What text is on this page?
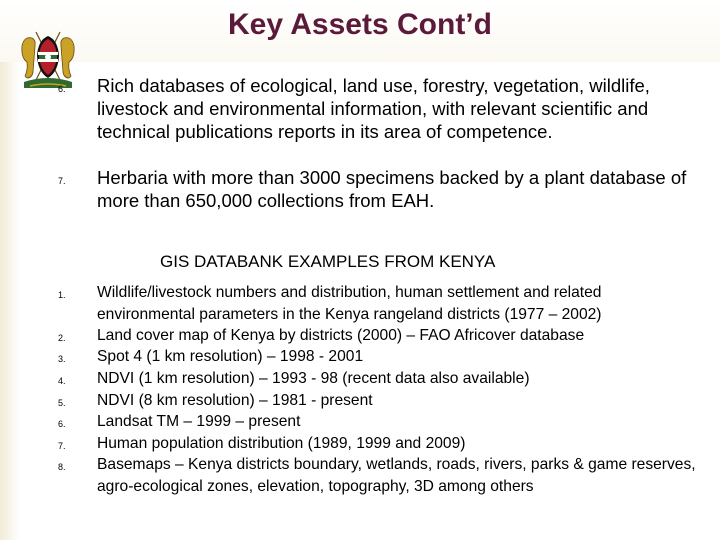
Key Assets Cont’d
6. Rich databases of ecological, land use, forestry, vegetation, wildlife, livestock and environmental information, with relevant scientific and technical publications reports in its area of competence.
7. Herbaria with more than 3000 specimens backed by a plant database of more than 650,000 collections from EAH.
GIS DATABANK EXAMPLES FROM KENYA
1. Wildlife/livestock numbers and distribution, human settlement and related environmental parameters in the Kenya rangeland districts (1977 – 2002)
2. Land cover map of Kenya by districts (2000) – FAO Africover database
3. Spot 4 (1 km resolution) – 1998 - 2001
4. NDVI (1 km resolution) – 1993 - 98 (recent data also available)
5. NDVI (8 km resolution) – 1981 - present
6. Landsat TM – 1999 – present
7. Human population distribution (1989, 1999 and 2009)
8. Basemaps – Kenya districts boundary, wetlands, roads, rivers, parks & game reserves, agro-ecological zones, elevation, topography, 3D among others
